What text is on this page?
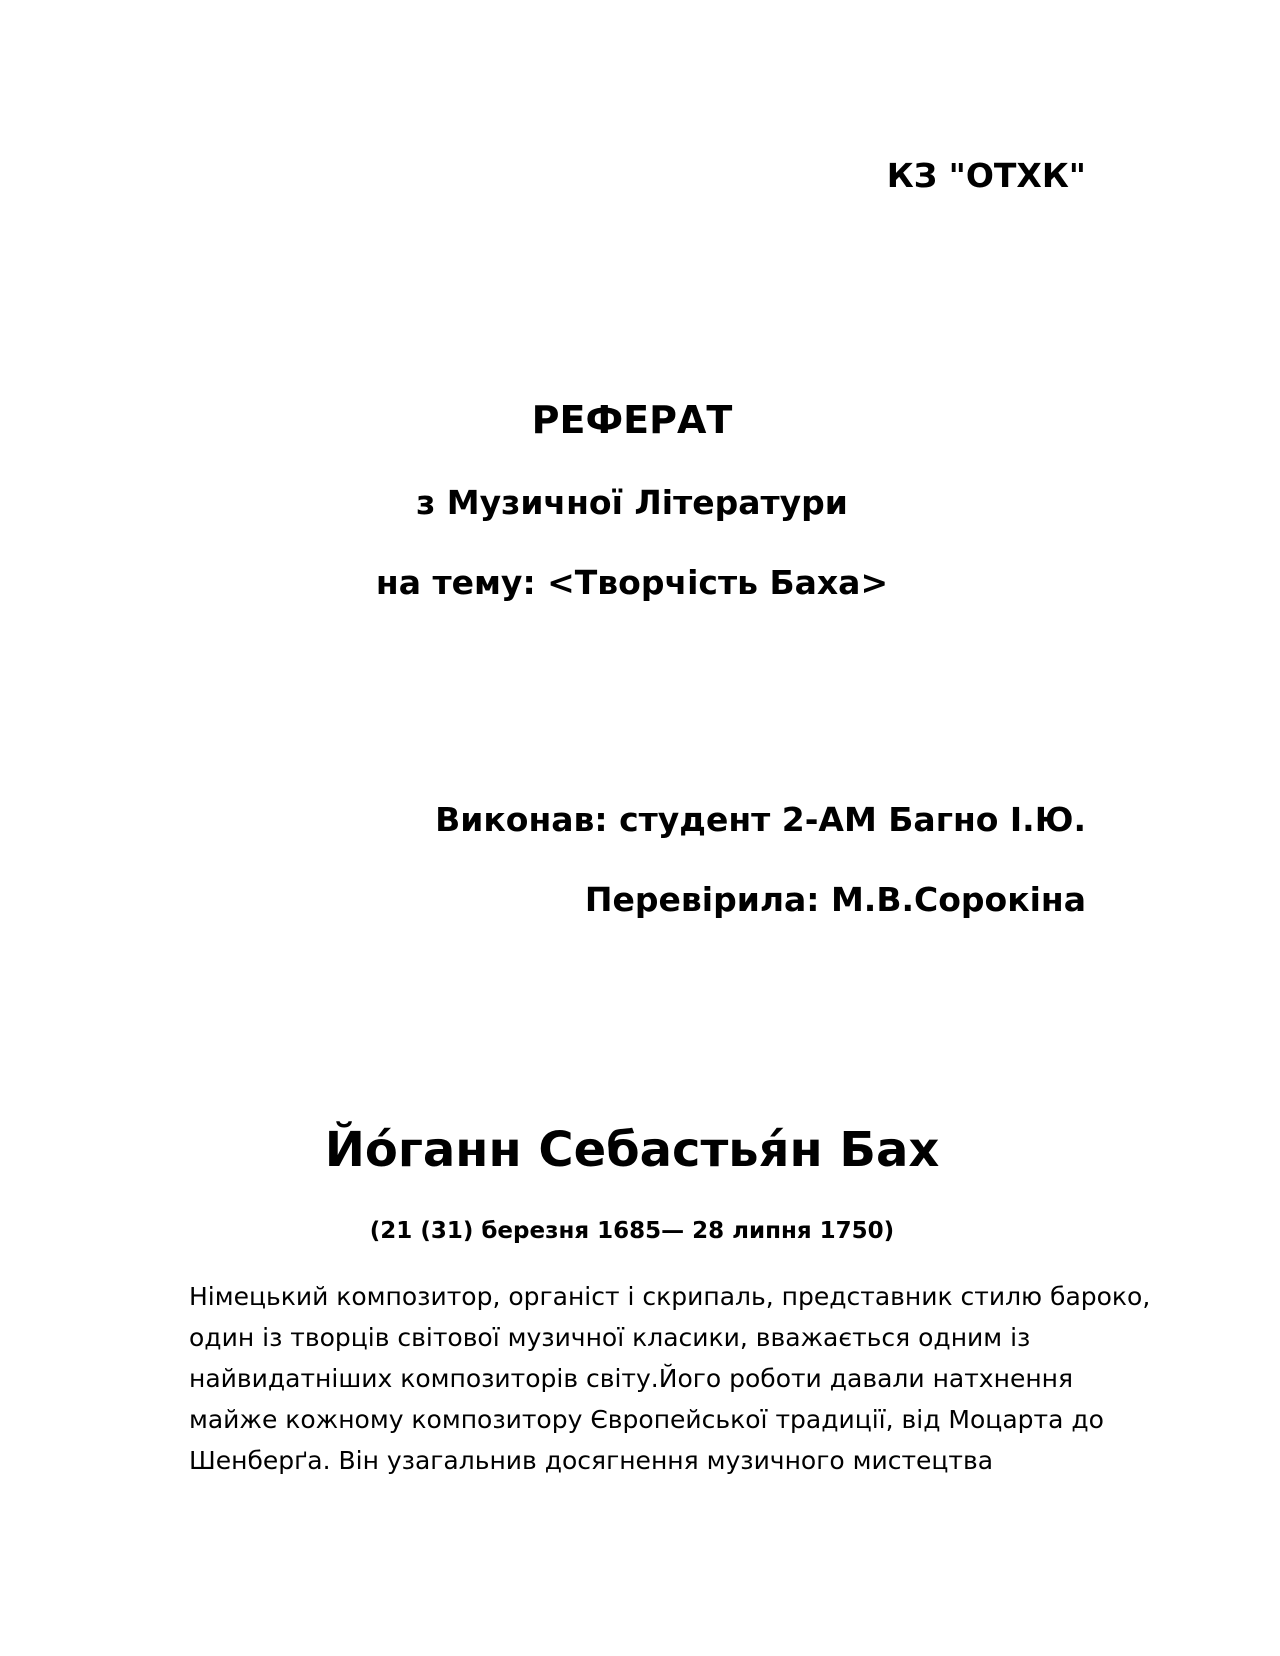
КЗ "ОТХК"
РЕФЕРАТ
з Музичної Літератури
на тему: <Творчість Баха>
Виконав: студент 2-АМ Багно І.Ю.
Перевірила: М.В.Сорокіна
Йо́ганн Себастья́н Бах
(21 (31) березня 1685— 28 липня 1750)
Німецький композитор, органіст і скрипаль, представник стилю бароко,
один із творців світової музичної класики, вважається одним із
найвидатніших композиторів світу.Його роботи давали натхнення
майже кожному композитору Європейської традиції, від Моцарта до
Шенберґа. Він узагальнив досягнення музичного мистецтва
